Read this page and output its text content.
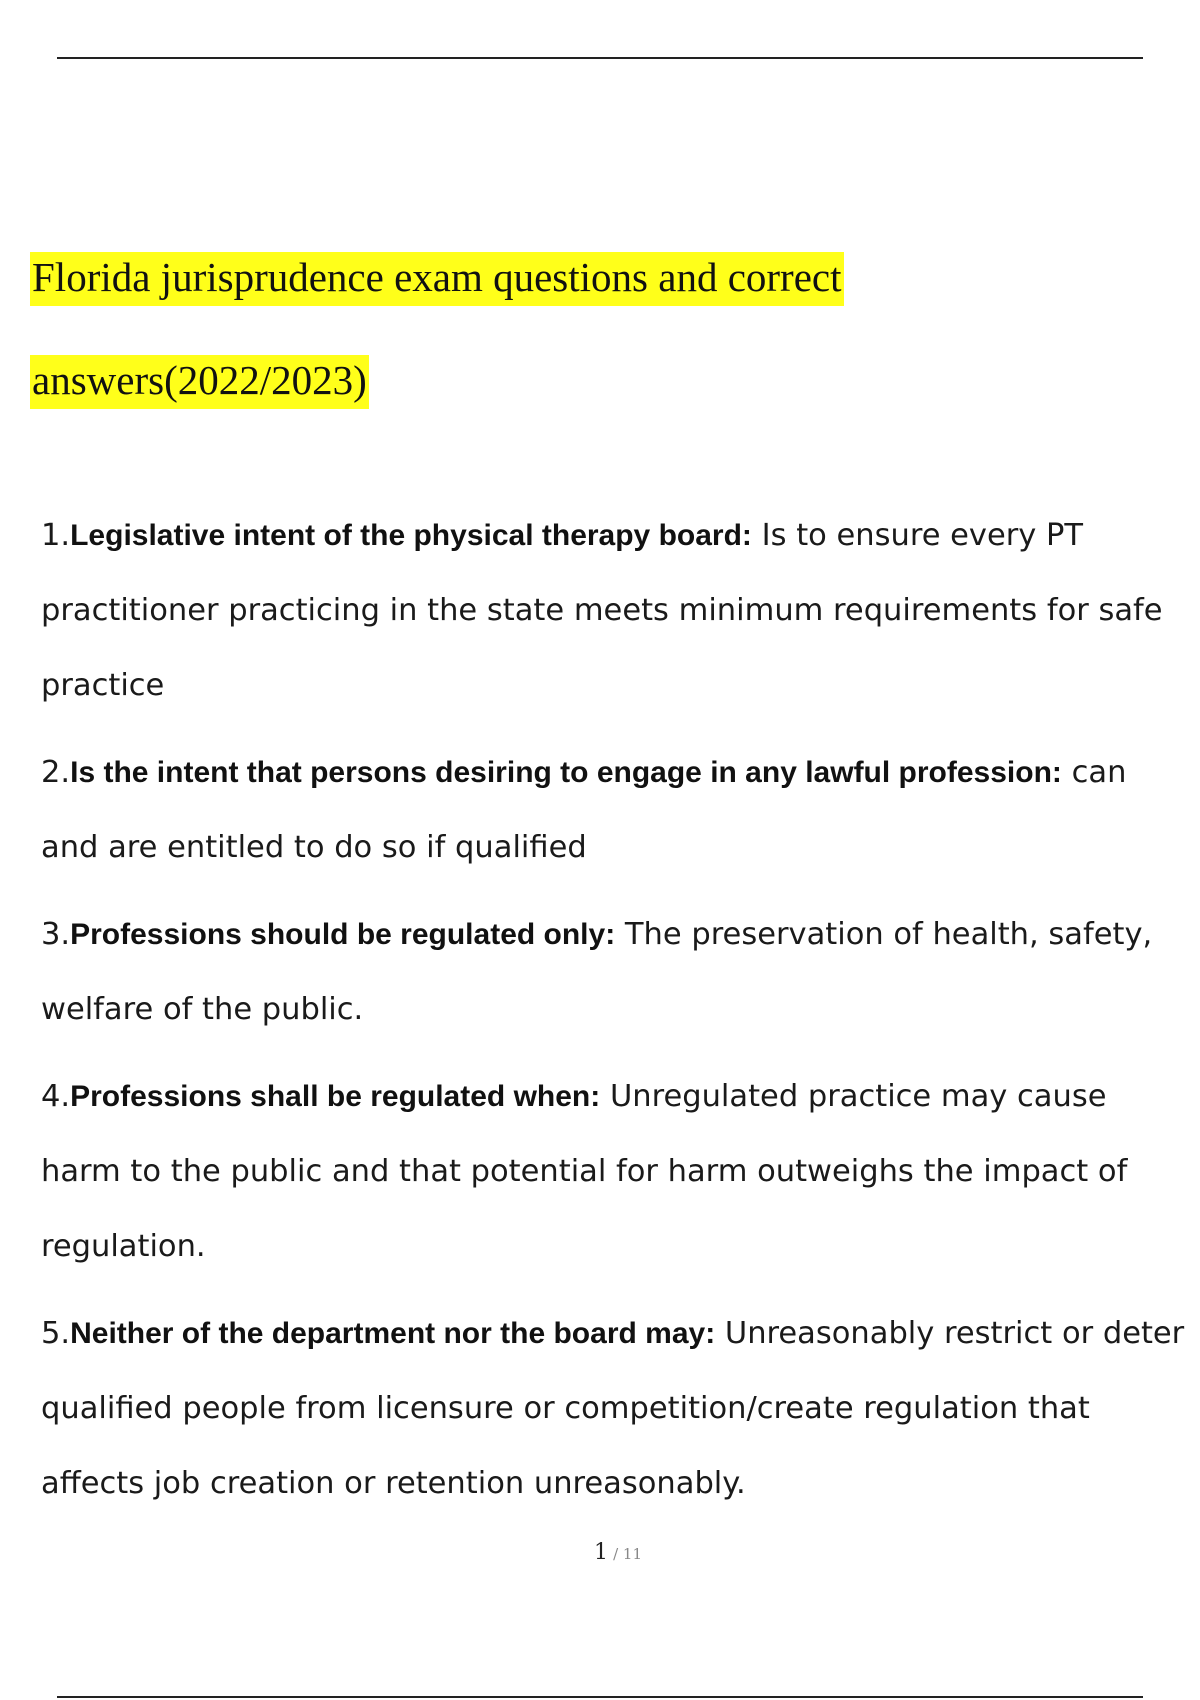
Florida jurisprudence exam questions and correct
answers(2022/2023)
1.Legislative intent of the physical therapy board: Is to ensure every PT practitioner practicing in the state meets minimum requirements for safe practice
2.Is the intent that persons desiring to engage in any lawful profession: can and are entitled to do so if qualified
3.Professions should be regulated only: The preservation of health, safety, welfare of the public.
4.Professions shall be regulated when: Unregulated practice may cause harm to the public and that potential for harm outweighs the impact of regulation.
5.Neither of the department nor the board may: Unreasonably restrict or deter qualified people from licensure or competition/create regulation that affects job creation or retention unreasonably.
1 / 11
